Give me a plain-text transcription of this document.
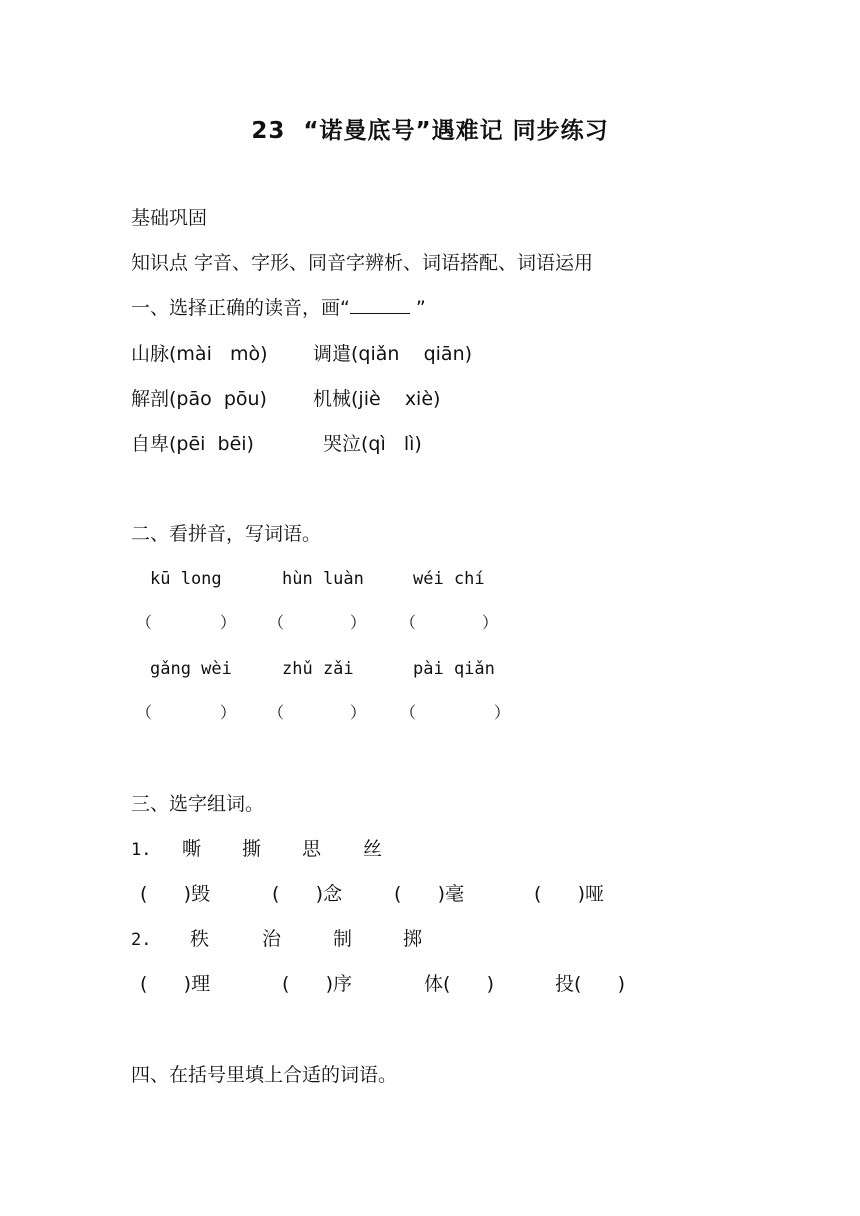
23  “诺曼底号”遇难记 同步练习
基础巩固
知识点 字音、字形、同音字辨析、词语搭配、词语运用
一、选择正确的读音，画“	”
山脉(mài   mò) 调遣(qiǎn    qiān)
解剖(pāo  pōu) 机械(jiè    xiè)
自卑(pēi  bēi)	哭泣(qì   lì)
二、看拼音，写词语。
kū long	hùn luàn	wéi chí
（	） （	） （	）
gǎng wèi	zhǔ zǎi	pài qiǎn
（	） （	） （	）
三、选字组词。
1. 嘶 撕 思 丝
(      )毁	(      )念	(      )毫	(      )哑
2. 秩	治	制	掷
(      )理	(      )序	体(      )	投(      )
四、在括号里填上合适的词语。
